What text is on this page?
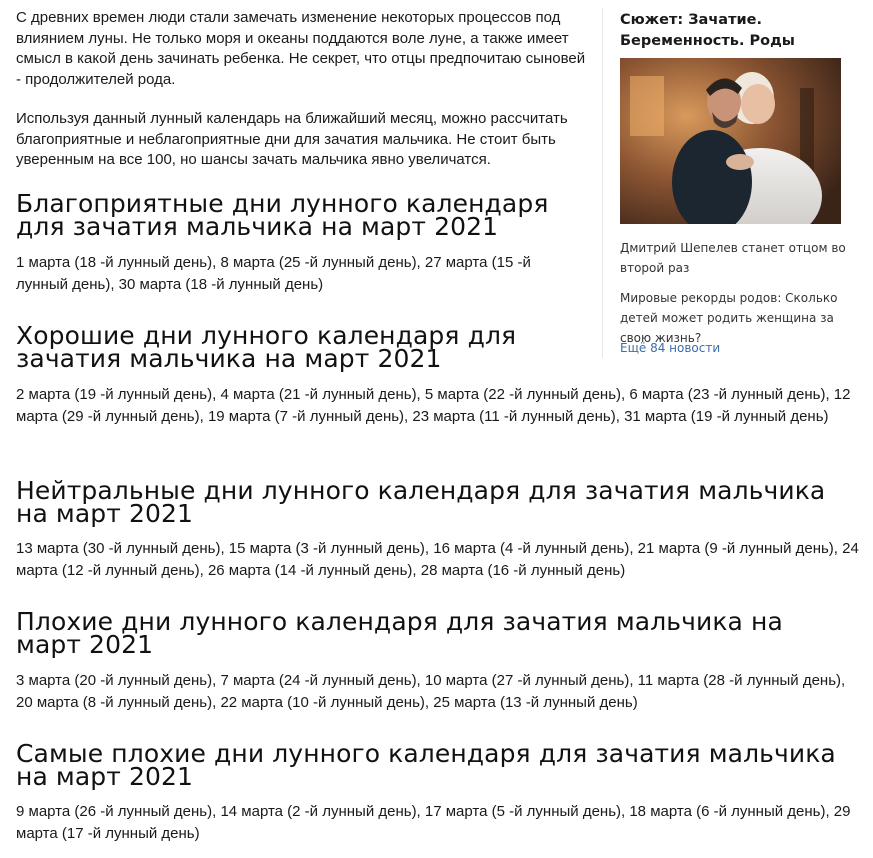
С древних времен люди стали замечать изменение некоторых процессов под влиянием луны. Не только моря и океаны поддаются воле луне, а также имеет смысл в какой день зачинать ребенка. Не секрет, что отцы предпочитаю сыновей - продолжителей рода.

Используя данный лунный календарь на ближайший месяц, можно рассчитать благоприятные и неблагоприятные дни для зачатия мальчика. Не стоит быть уверенным на все 100, но шансы зачать мальчика явно увеличатся.

Благоприятные дни лунного календаря для зачатия мальчика на март 2021

1 марта (18 -й лунный день), 8 марта (25 -й лунный день), 27 марта (15 -й лунный день), 30 марта (18 -й лунный день)

Хорошие дни лунного календаря для зачатия мальчика на март 2021

2 марта (19 -й лунный день), 4 марта (21 -й лунный день), 5 марта (22 -й лунный день), 6 марта (23 -й лунный день), 12 марта (29 -й лунный день), 19 марта (7 -й лунный день), 23 марта (11 -й лунный день), 31 марта (19 -й лунный день)

Нейтральные дни лунного календаря для зачатия мальчика на март 2021

13 марта (30 -й лунный день), 15 марта (3 -й лунный день), 16 марта (4 -й лунный день), 21 марта (9 -й лунный день), 24 марта (12 -й лунный день), 26 марта (14 -й лунный день), 28 марта (16 -й лунный день)

Плохие дни лунного календаря для зачатия мальчика на март 2021

3 марта (20 -й лунный день), 7 марта (24 -й лунный день), 10 марта (27 -й лунный день), 11 марта (28 -й лунный день), 20 марта (8 -й лунный день), 22 марта (10 -й лунный день), 25 марта (13 -й лунный день)

Самые плохие дни лунного календаря для зачатия мальчика на март 2021

9 марта (26 -й лунный день), 14 марта (2 -й лунный день), 17 марта (5 -й лунный день), 18 марта (6 -й лунный день), 29 марта (17 -й лунный день)

Сюжет: Зачатие. Беременность. Роды
Дмитрий Шепелев станет отцом во второй раз
Мировые рекорды родов: Сколько детей может родить женщина за свою жизнь?
Ещё 84 новости
